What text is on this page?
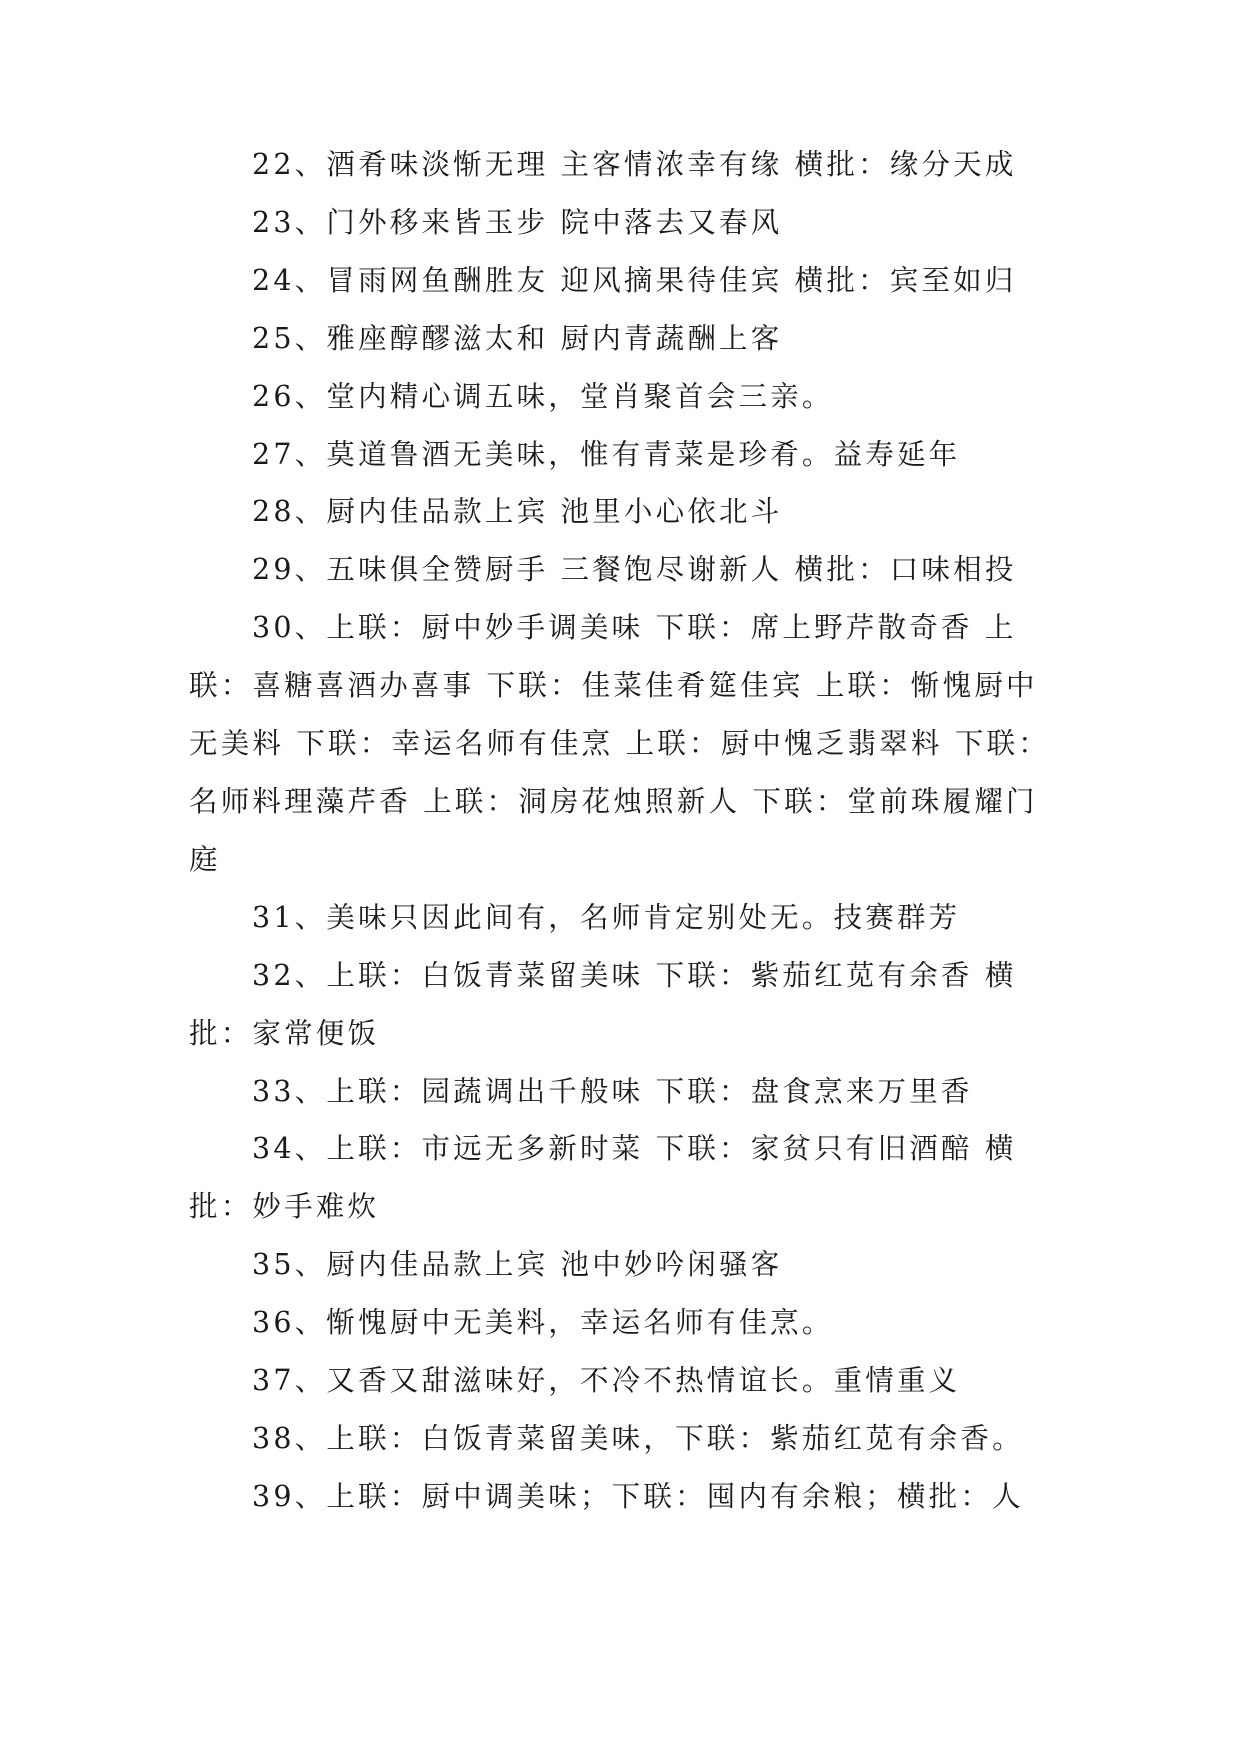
22、酒肴味淡惭无理 主客情浓幸有缘 横批：缘分天成

23、门外移来皆玉步 院中落去又春风

24、冒雨网鱼酬胜友 迎风摘果待佳宾 横批：宾至如归

25、雅座醇醪滋太和 厨内青蔬酬上客

26、堂内精心调五味，堂肖聚首会三亲。

27、莫道鲁酒无美味，惟有青菜是珍肴。益寿延年

28、厨内佳品款上宾 池里小心依北斗

29、五味俱全赞厨手 三餐饱尽谢新人 横批：口味相投

30、上联：厨中妙手调美味 下联：席上野芹散奇香 上联：喜糖喜酒办喜事 下联：佳菜佳肴筵佳宾 上联：惭愧厨中无美料 下联：幸运名师有佳烹 上联：厨中愧乏翡翠料 下联：名师料理藻芹香 上联：洞房花烛照新人 下联：堂前珠履耀门庭

31、美味只因此间有，名师肯定别处无。技赛群芳

32、上联：白饭青菜留美味 下联：紫茄红苋有余香 横批：家常便饭

33、上联：园蔬调出千般味 下联：盘食烹来万里香

34、上联：市远无多新时菜 下联：家贫只有旧酒醅 横批：妙手难炊

35、厨内佳品款上宾 池中妙吟闲骚客

36、惭愧厨中无美料，幸运名师有佳烹。

37、又香又甜滋味好，不冷不热情谊长。重情重义

38、上联：白饭青菜留美味，下联：紫茄红苋有余香。

39、上联：厨中调美味；下联：囤内有余粮；横批：人
